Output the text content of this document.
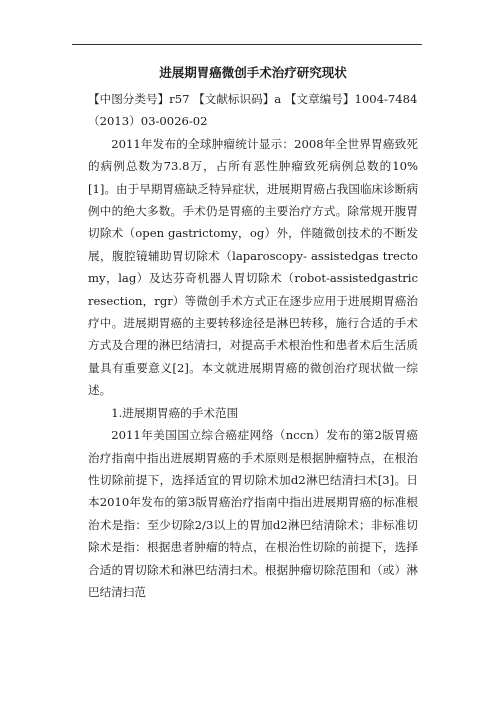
进展期胃癌微创手术治疗研究现状

【中图分类号】r57 【文献标识码】a 【文章编号】1004-7484（2013）03-0026-02

2011年发布的全球肿瘤统计显示：2008年全世界胃癌致死的病例总数为73.8万，占所有恶性肿瘤致死病例总数的10%[1]。由于早期胃癌缺乏特异症状，进展期胃癌占我国临床诊断病例中的绝大多数。手术仍是胃癌的主要治疗方式。除常规开腹胃切除术（open gastrictomy，og）外，伴随微创技术的不断发展，腹腔镜辅助胃切除术（laparoscopy- assistedgas trectomy，lag）及达芬奇机器人胃切除术（robot-assistedgastric resection，rgr）等微创手术方式正在逐步应用于进展期胃癌治疗中。进展期胃癌的主要转移途径是淋巴转移，施行合适的手术方式及合理的淋巴结清扫，对提高手术根治性和患者术后生活质量具有重要意义[2]。本文就进展期胃癌的微创治疗现状做一综述。

1.进展期胃癌的手术范围

2011年美国国立综合癌症网络（nccn）发布的第2版胃癌治疗指南中指出进展期胃癌的手术原则是根据肿瘤特点，在根治性切除前提下，选择适宜的胃切除术加d2淋巴结清扫术[3]。日本2010年发布的第3版胃癌治疗指南中指出进展期胃癌的标准根治术是指：至少切除2/3以上的胃加d2淋巴结清除术；非标准切除术是指：根据患者肿瘤的特点，在根治性切除的前提下，选择合适的胃切除术和淋巴结清扫术。根据肿瘤切除范围和（或）淋巴结清扫范
